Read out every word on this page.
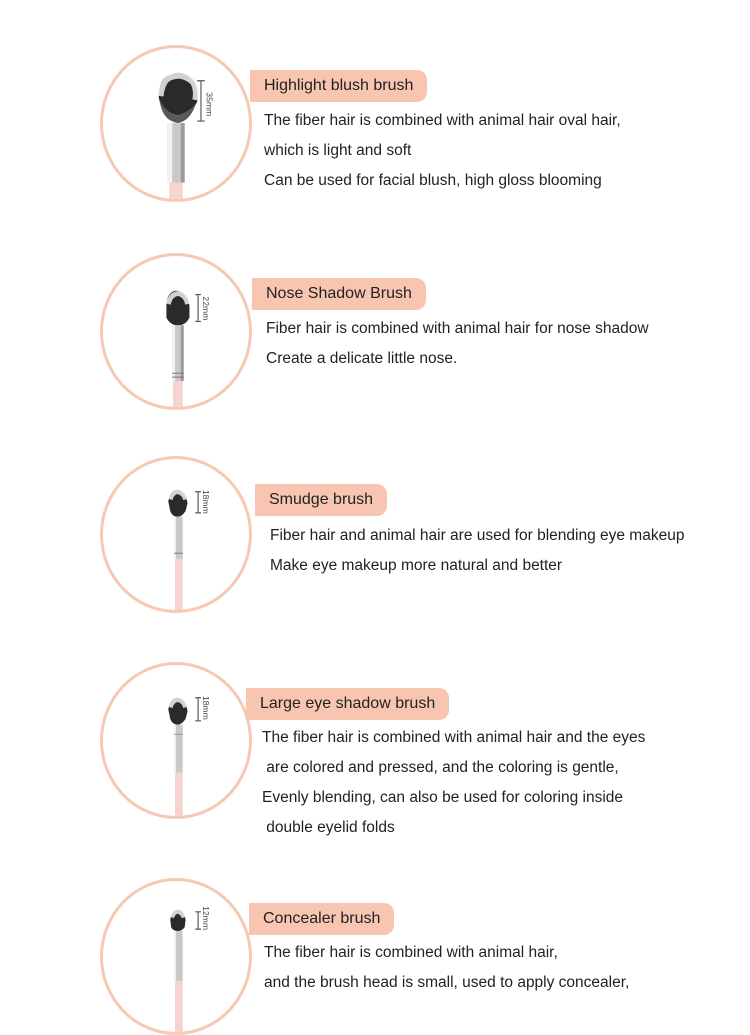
35mm
Highlight blush brush
The fiber hair is combined with animal hair oval hair,
which is light and soft
Can be used for facial blush, high gloss blooming
22mm
Nose Shadow Brush
Fiber hair is combined with animal hair for nose shadow
Create a delicate little nose.
18mm	Smudge brush
Fiber hair and animal hair are used for blending eye makeup
Make eye makeup more natural and better
18mm	Large eye shadow brush
The fiber hair is combined with animal hair and the eyes
are colored and pressed, and the coloring is gentle,
Evenly blending, can also be used for coloring inside
double eyelid folds
12mm	Concealer brush
The fiber hair is combined with animal hair,
and the brush head is small, used to apply concealer,
